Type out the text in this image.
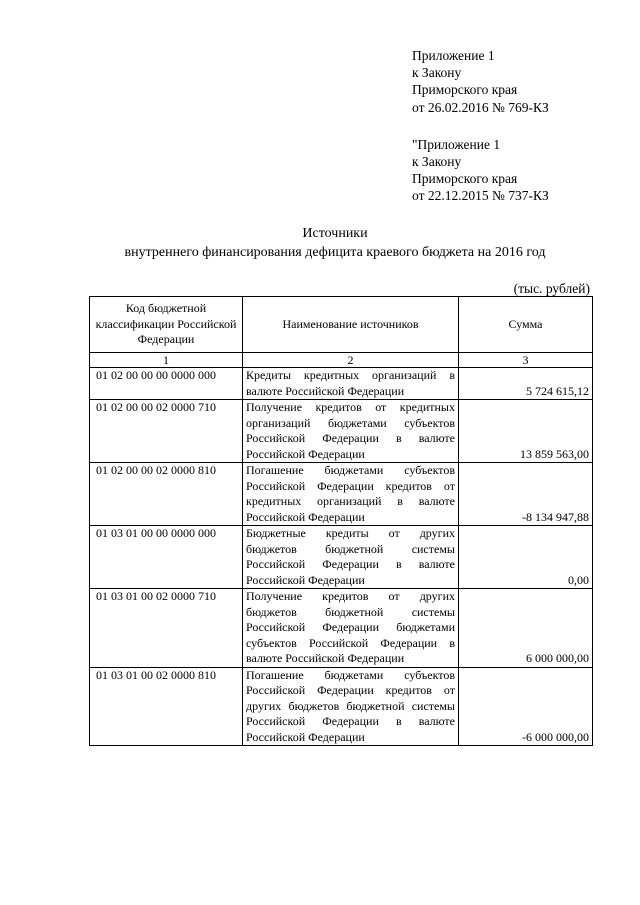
Приложение 1
к Закону
Приморского края
от 26.02.2016 № 769-КЗ
"Приложение 1
к Закону
Приморского края
от 22.12.2015 № 737-КЗ
Источники
внутреннего финансирования дефицита краевого бюджета на 2016 год
(тыс. рублей)
Код бюджетной классификации Российской Федерации	Наименование источников	Сумма
1	2	3
01 02 00 00 00 0000 000	Кредиты кредитных организаций в валюте Российской Федерации	5 724 615,12
01 02 00 00 02 0000 710	Получение кредитов от кредитных организаций бюджетами субъектов Российской Федерации в валюте Российской Федерации	13 859 563,00
01 02 00 00 02 0000 810	Погашение бюджетами субъектов Российской Федерации кредитов от кредитных организаций в валюте Российской Федерации	-8 134 947,88
01 03 01 00 00 0000 000	Бюджетные кредиты от других бюджетов бюджетной системы Российской Федерации в валюте Российской Федерации	0,00
01 03 01 00 02 0000 710	Получение кредитов от других бюджетов бюджетной системы Российской Федерации бюджетами субъектов Российской Федерации в валюте Российской Федерации	6 000 000,00
01 03 01 00 02 0000 810	Погашение бюджетами субъектов Российской Федерации кредитов от других бюджетов бюджетной системы Российской Федерации в валюте Российской Федерации	-6 000 000,00
